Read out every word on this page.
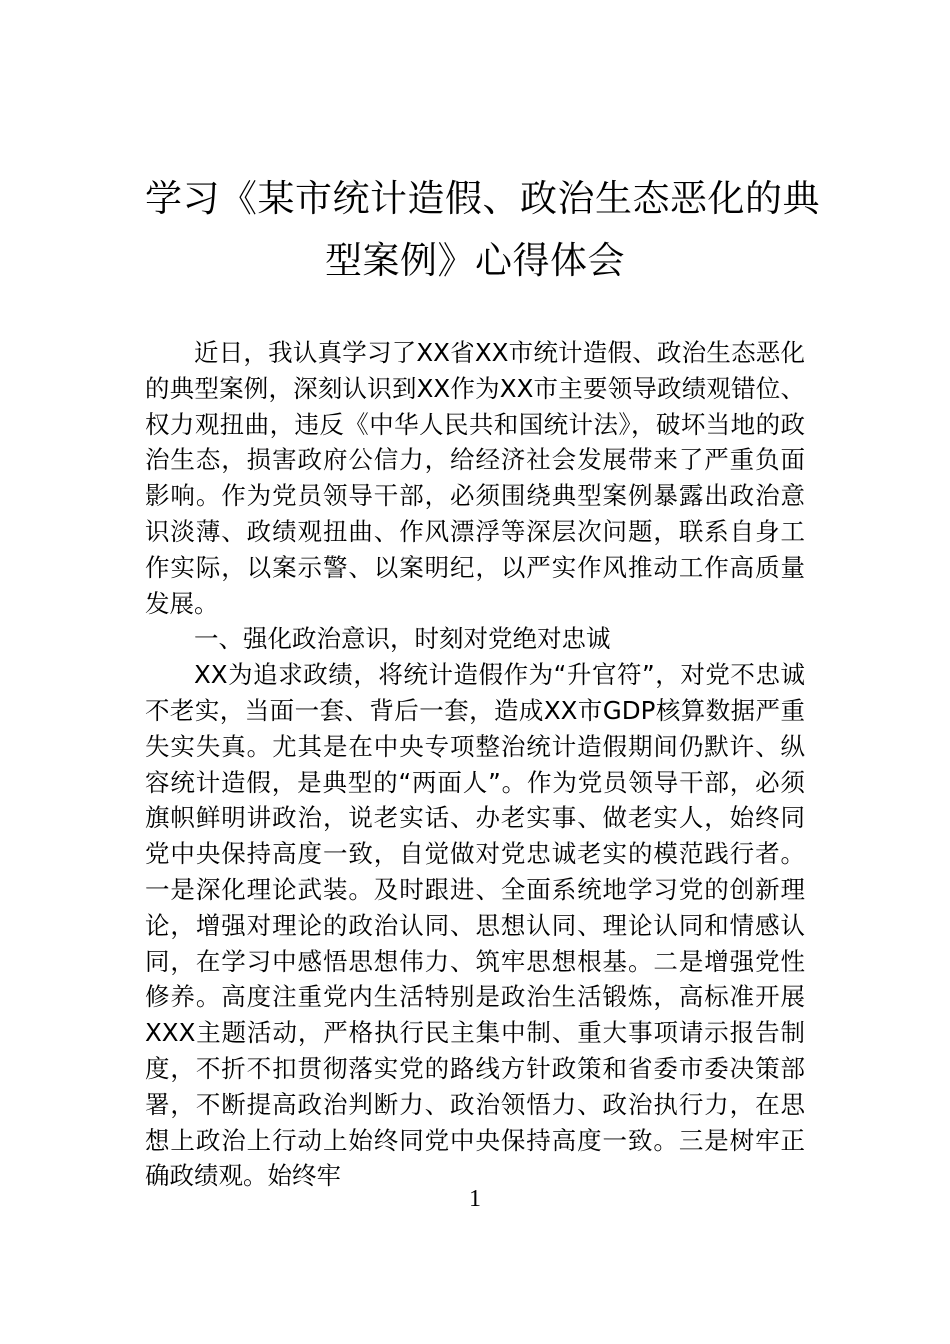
学习《某市统计造假、政治生态恶化的典
型案例》心得体会

近日，我认真学习了XX省XX市统计造假、政治生态恶化的典型案例，深刻认识到XX作为XX市主要领导政绩观错位、权力观扭曲，违反《中华人民共和国统计法》，破坏当地的政治生态，损害政府公信力，给经济社会发展带来了严重负面影响。作为党员领导干部，必须围绕典型案例暴露出政治意识淡薄、政绩观扭曲、作风漂浮等深层次问题，联系自身工作实际，以案示警、以案明纪，以严实作风推动工作高质量发展。

一、强化政治意识，时刻对党绝对忠诚

XX为追求政绩，将统计造假作为“升官符”，对党不忠诚不老实，当面一套、背后一套，造成XX市GDP核算数据严重失实失真。尤其是在中央专项整治统计造假期间仍默许、纵容统计造假，是典型的“两面人”。作为党员领导干部，必须旗帜鲜明讲政治，说老实话、办老实事、做老实人，始终同党中央保持高度一致，自觉做对党忠诚老实的模范践行者。一是深化理论武装。及时跟进、全面系统地学习党的创新理论，增强对理论的政治认同、思想认同、理论认同和情感认同，在学习中感悟思想伟力、筑牢思想根基。二是增强党性修养。高度注重党内生活特别是政治生活锻炼，高标准开展XXX主题活动，严格执行民主集中制、重大事项请示报告制度，不折不扣贯彻落实党的路线方针政策和省委市委决策部署，不断提高政治判断力、政治领悟力、政治执行力，在思想上政治上行动上始终同党中央保持高度一致。三是树牢正确政绩观。始终牢

1
